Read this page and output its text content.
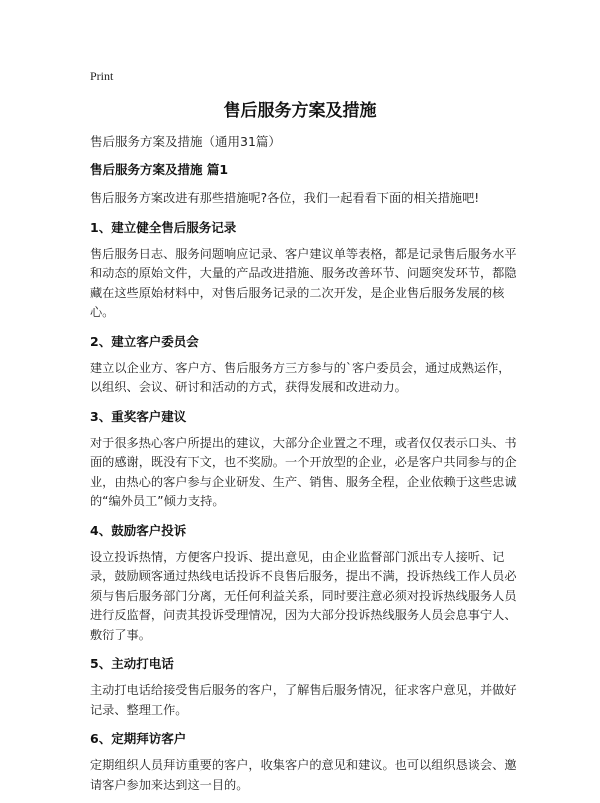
Print
售后服务方案及措施

售后服务方案及措施（通用31篇）

售后服务方案及措施 篇1

售后服务方案改进有那些措施呢?各位，我们一起看看下面的相关措施吧!

1、建立健全售后服务记录

售后服务日志、服务问题响应记录、客户建议单等表格，都是记录售后服务水平和动态的原始文件，大量的产品改进措施、服务改善环节、问题突发环节，都隐藏在这些原始材料中，对售后服务记录的二次开发，是企业售后服务发展的核心。

2、建立客户委员会

建立以企业方、客户方、售后服务方三方参与的`客户委员会，通过成熟运作，以组织、会议、研讨和活动的方式，获得发展和改进动力。

3、重奖客户建议

对于很多热心客户所提出的建议，大部分企业置之不理，或者仅仅表示口头、书面的感谢，既没有下文，也不奖励。一个开放型的企业，必是客户共同参与的企业，由热心的客户参与企业研发、生产、销售、服务全程，企业依赖于这些忠诚的“编外员工”倾力支持。

4、鼓励客户投诉

设立投诉热情，方便客户投诉、提出意见，由企业监督部门派出专人接听、记录，鼓励顾客通过热线电话投诉不良售后服务，提出不满，投诉热线工作人员必须与售后服务部门分离，无任何利益关系，同时要注意必须对投诉热线服务人员进行反监督，问责其投诉受理情况，因为大部分投诉热线服务人员会息事宁人、敷衍了事。

5、主动打电话

主动打电话给接受售后服务的客户，了解售后服务情况，征求客户意见，并做好记录、整理工作。

6、定期拜访客户

定期组织人员拜访重要的客户，收集客户的意见和建议。也可以组织恳谈会、邀请客户参加来达到这一目的。
